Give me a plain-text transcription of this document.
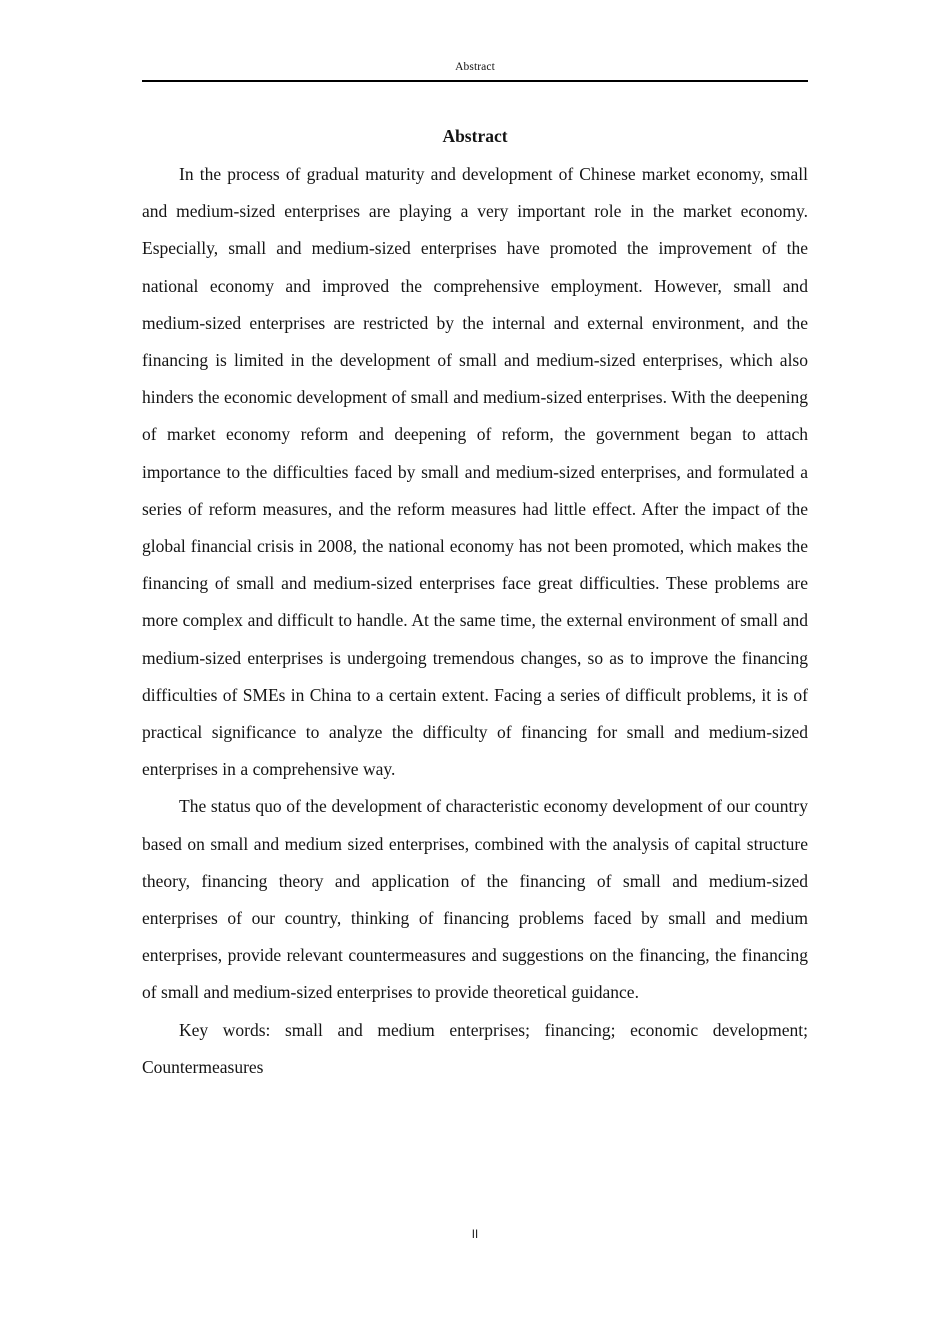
Abstract
Abstract

In the process of gradual maturity and development of Chinese market economy, small and medium-sized enterprises are playing a very important role in the market economy. Especially, small and medium-sized enterprises have promoted the improvement of the national economy and improved the comprehensive employment. However, small and medium-sized enterprises are restricted by the internal and external environment, and the financing is limited in the development of small and medium-sized enterprises, which also hinders the economic development of small and medium-sized enterprises. With the deepening of market economy reform and deepening of reform, the government began to attach importance to the difficulties faced by small and medium-sized enterprises, and formulated a series of reform measures, and the reform measures had little effect. After the impact of the global financial crisis in 2008, the national economy has not been promoted, which makes the financing of small and medium-sized enterprises face great difficulties. These problems are more complex and difficult to handle. At the same time, the external environment of small and medium-sized enterprises is undergoing tremendous changes, so as to improve the financing difficulties of SMEs in China to a certain extent. Facing a series of difficult problems, it is of practical significance to analyze the difficulty of financing for small and medium-sized enterprises in a comprehensive way.

The status quo of the development of characteristic economy development of our country based on small and medium sized enterprises, combined with the analysis of capital structure theory, financing theory and application of the financing of small and medium-sized enterprises of our country, thinking of financing problems faced by small and medium enterprises, provide relevant countermeasures and suggestions on the financing, the financing of small and medium-sized enterprises to provide theoretical guidance.

Key words: small and medium enterprises; financing; economic development; Countermeasures

II
